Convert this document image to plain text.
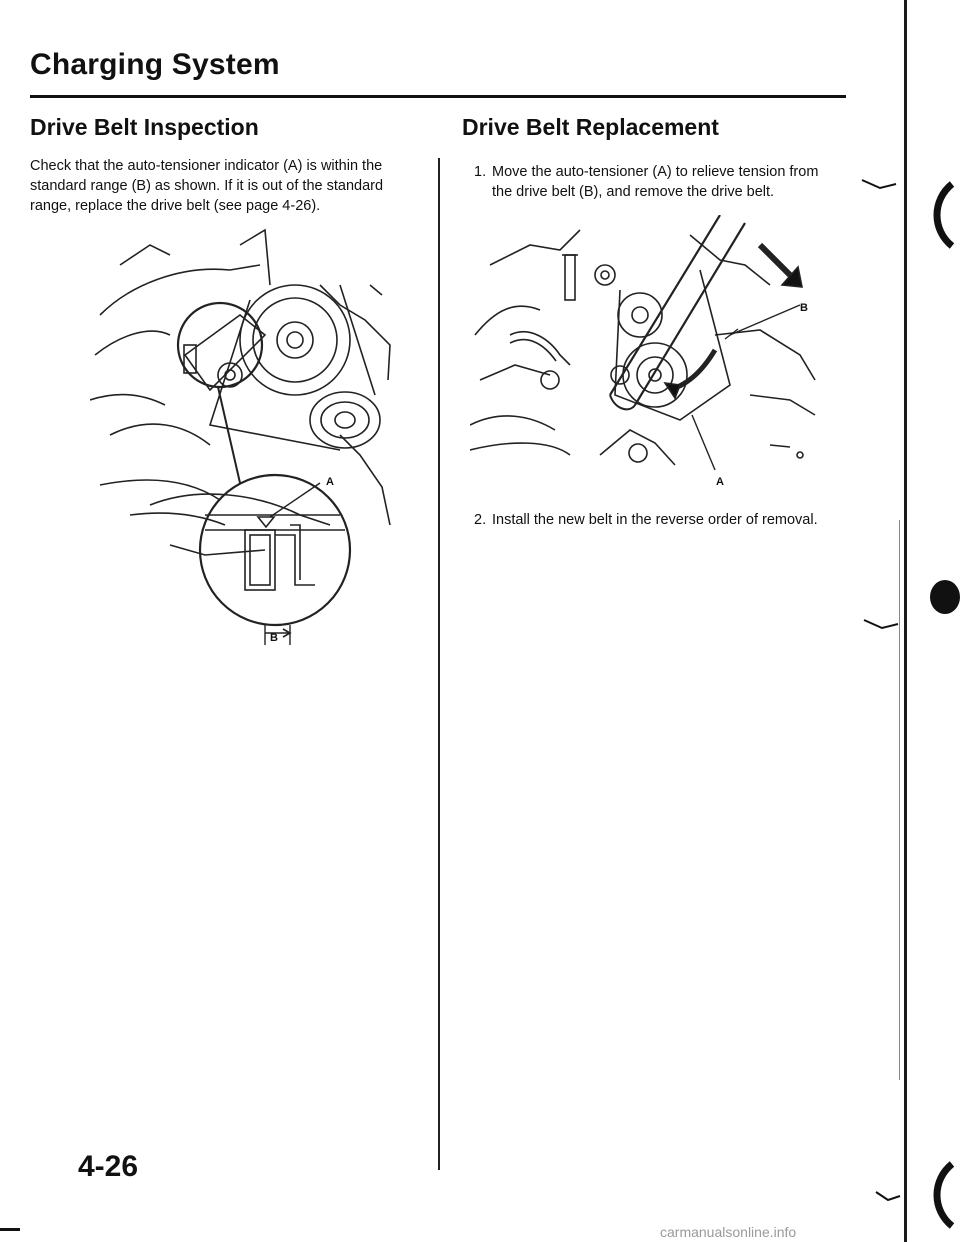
Charging System
Drive Belt Inspection

Check that the auto-tensioner indicator (A) is within the standard range (B) as shown. If it is out of the standard range, replace the drive belt (see page 4-26).

A
B
Drive Belt Replacement
1. Move the auto-tensioner (A) to relieve tension from the drive belt (B), and remove the drive belt.

B
A
2. Install the new belt in the reverse order of removal.

4-26
carmanualsonline.info
